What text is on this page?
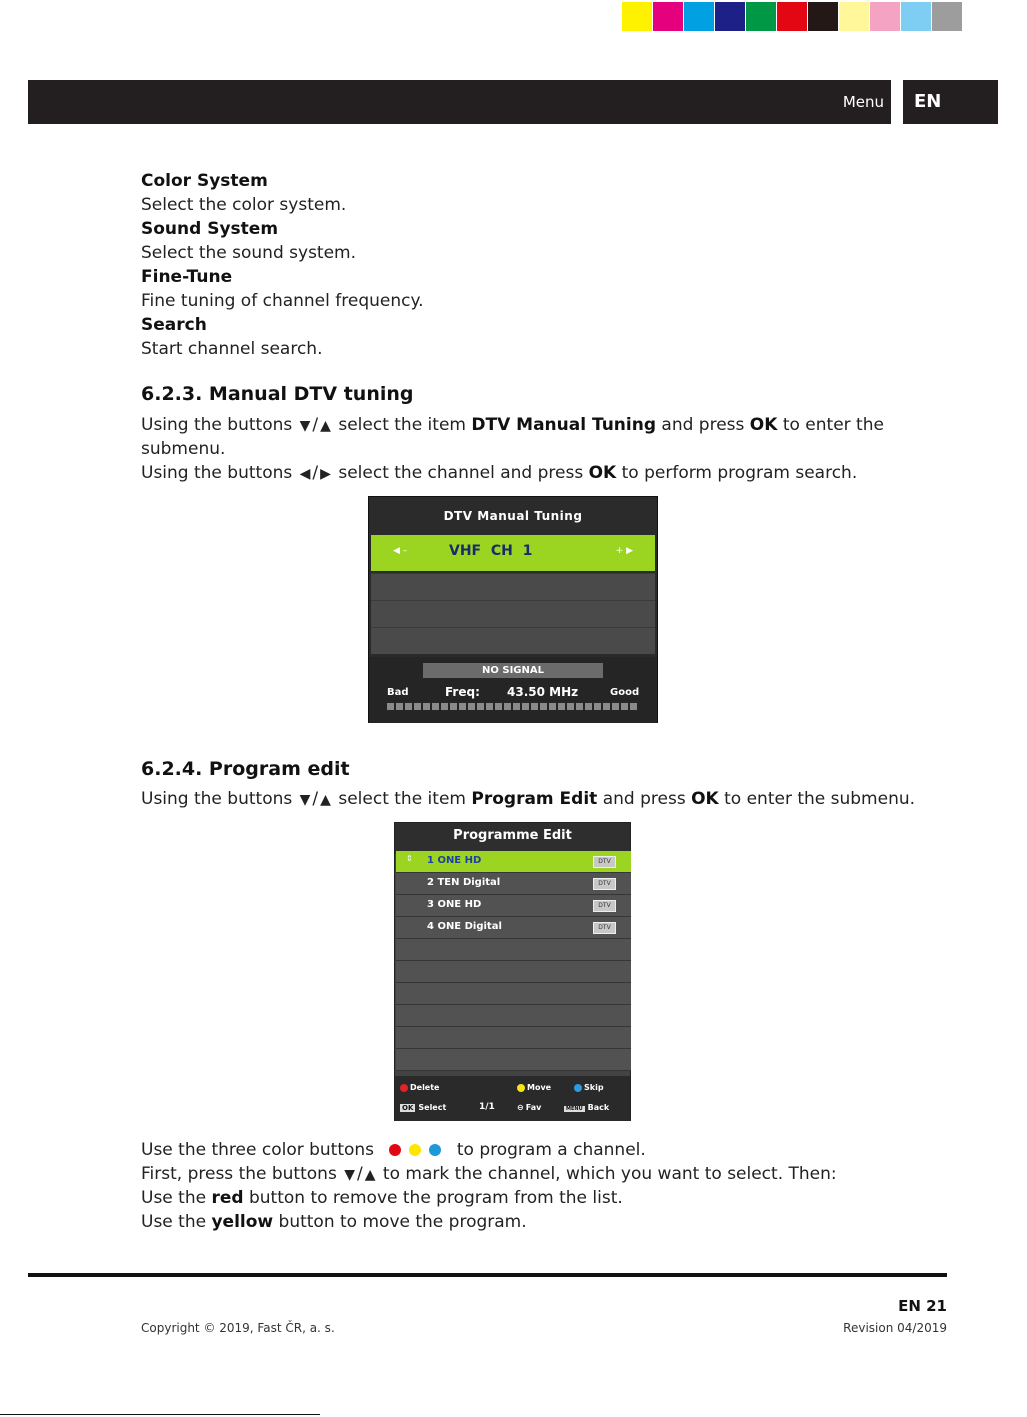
Menu EN
Color System
Select the color system.
Sound System
Select the sound system.
Fine-Tune
Fine tuning of channel frequency.
Search
Start channel search.
6.2.3. Manual DTV tuning
Using the buttons ▼ / ▲ select the item DTV Manual Tuning and press OK to enter the
submenu.
Using the buttons ◀ / ▶ select the channel and press OK to perform program search.
DTV Manual Tuning
◀ –	VHF  CH  1	+ ▶
NO SIGNAL
Bad	Freq: 43.50 MHz	Good
6.2.4. Program edit
Using the buttons ▼ / ▲ select the item Program Edit and press OK to enter the submenu.
Programme Edit
⇕ 1 ONE HD	DTV
2 TEN Digital	DTV
3 ONE HD	DTV
4 ONE Digital	DTV
Delete	Move	Skip
OK Select	1/1	⊖ Fav	MENU Back
Use the three color buttons	to program a channel.
First, press the buttons ▼ / ▲ to mark the channel, which you want to select. Then:
Use the red button to remove the program from the list.
Use the yellow button to move the program.
EN 21
Copyright © 2019, Fast ČR, a. s.	Revision 04/2019
